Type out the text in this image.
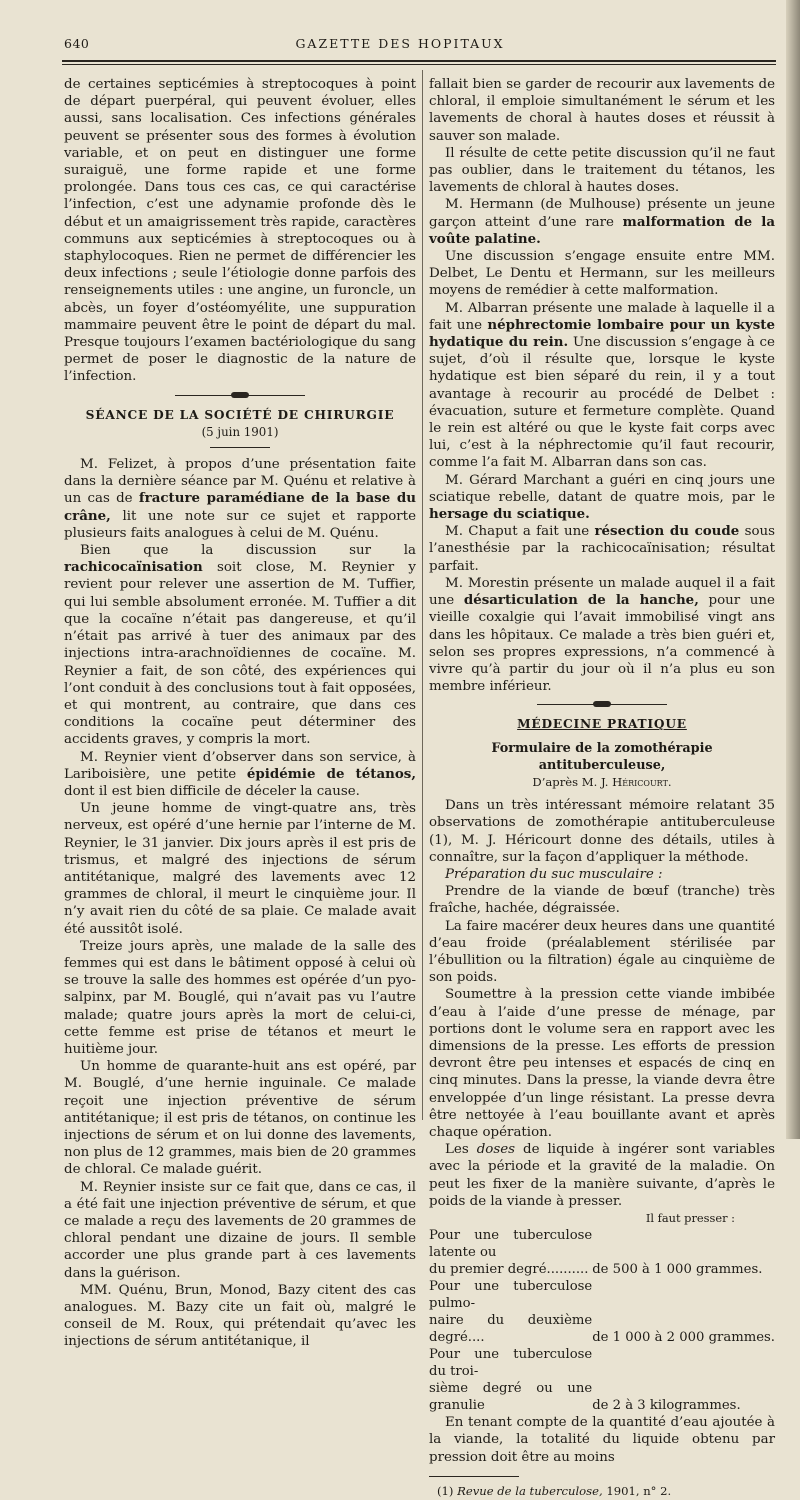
640	GAZETTE DES HOPITAUX

de certaines septicémies à streptocoques à point de départ puerpéral, qui peuvent évoluer, elles aussi, sans localisation. Ces infections générales peuvent se présenter sous des formes à évolution variable, et on peut en distinguer une forme suraiguë, une forme rapide et une forme prolongée. Dans tous ces cas, ce qui caractérise l’infection, c’est une adynamie profonde dès le début et un amaigrissement très rapide, caractères communs aux septicémies à streptocoques ou à staphylocoques. Rien ne permet de différencier les deux infections ; seule l’étiologie donne parfois des renseignements utiles : une angine, un furoncle, un abcès, un foyer d’ostéomyélite, une suppuration mammaire peuvent être le point de départ du mal. Presque toujours l’examen bactériologique du sang permet de poser le diagnostic de la nature de l’infection.

SÉANCE DE LA SOCIÉTÉ DE CHIRURGIE

(5 juin 1901)

M. Felizet, à propos d’une présentation faite dans la dernière séance par M. Quénu et relative à un cas de fracture paramédiane de la base du crâne, lit une note sur ce sujet et rapporte plusieurs faits analogues à celui de M. Quénu.

Bien que la discussion sur la rachicocaïnisation soit close, M. Reynier y revient pour relever une assertion de M. Tuffier, qui lui semble absolument erronée. M. Tuffier a dit que la cocaïne n’était pas dangereuse, et qu’il n’était pas arrivé à tuer des animaux par des injections intra-arachnoïdiennes de cocaïne. M. Reynier a fait, de son côté, des expériences qui l’ont conduit à des conclusions tout à fait opposées, et qui montrent, au contraire, que dans ces conditions la cocaïne peut déterminer des accidents graves, y compris la mort.

M. Reynier vient d’observer dans son service, à Lariboisière, une petite épidémie de tétanos, dont il est bien difficile de déceler la cause.

Un jeune homme de vingt-quatre ans, très nerveux, est opéré d’une hernie par l’interne de M. Reynier, le 31 janvier. Dix jours après il est pris de trismus, et malgré des injections de sérum antitétanique, malgré des lavements avec 12 grammes de chloral, il meurt le cinquième jour. Il n’y avait rien du côté de sa plaie. Ce malade avait été aussitôt isolé.

Treize jours après, une malade de la salle des femmes qui est dans le bâtiment opposé à celui où se trouve la salle des hommes est opérée d’un pyo-salpinx, par M. Bouglé, qui n’avait pas vu l’autre malade; quatre jours après la mort de celui-ci, cette femme est prise de tétanos et meurt le huitième jour.

Un homme de quarante-huit ans est opéré, par M. Bouglé, d’une hernie inguinale. Ce malade reçoit une injection préventive de sérum antitétanique; il est pris de tétanos, on continue les injections de sérum et on lui donne des lavements, non plus de 12 grammes, mais bien de 20 grammes de chloral. Ce malade guérit.

M. Reynier insiste sur ce fait que, dans ce cas, il a été fait une injection préventive de sérum, et que ce malade a reçu des lavements de 20 grammes de chloral pendant une dizaine de jours. Il semble accorder une plus grande part à ces lavements dans la guérison.

MM. Quénu, Brun, Monod, Bazy citent des cas analogues. M. Bazy cite un fait où, malgré le conseil de M. Roux, qui prétendait qu’avec les injections de sérum antitétanique, il

fallait bien se garder de recourir aux lavements de chloral, il emploie simultanément le sérum et les lavements de choral à hautes doses et réussit à sauver son malade.

Il résulte de cette petite discussion qu’il ne faut pas oublier, dans le traitement du tétanos, les lavements de chloral à hautes doses.

M. Hermann (de Mulhouse) présente un jeune garçon atteint d’une rare malformation de la voûte palatine.

Une discussion s’engage ensuite entre MM. Delbet, Le Dentu et Hermann, sur les meilleurs moyens de remédier à cette malformation.

M. Albarran présente une malade à laquelle il a fait une néphrectomie lombaire pour un kyste hydatique du rein. Une discussion s’engage à ce sujet, d’où il résulte que, lorsque le kyste hydatique est bien séparé du rein, il y a tout avantage à recourir au procédé de Delbet : évacuation, suture et fermeture complète. Quand le rein est altéré ou que le kyste fait corps avec lui, c’est à la néphrectomie qu’il faut recourir, comme l’a fait M. Albarran dans son cas.

M. Gérard Marchant a guéri en cinq jours une sciatique rebelle, datant de quatre mois, par le hersage du sciatique.

M. Chaput a fait une résection du coude sous l’anesthésie par la rachicocaïnisation; résultat parfait.

M. Morestin présente un malade auquel il a fait une désarticulation de la hanche, pour une vieille coxalgie qui l’avait immobilisé vingt ans dans les hôpitaux. Ce malade a très bien guéri et, selon ses propres expressions, n’a commencé à vivre qu’à partir du jour où il n’a plus eu son membre inférieur.

MÉDECINE PRATIQUE

Formulaire de la zomothérapie antituberculeuse,

D’après M. J. Héricourt.

Dans un très intéressant mémoire relatant 35 observations de zomothérapie antituberculeuse (1), M. J. Héricourt donne des détails, utiles à connaître, sur la façon d’appliquer la méthode.

Préparation du suc musculaire :

Prendre de la viande de bœuf (tranche) très fraîche, hachée, dégraissée.

La faire macérer deux heures dans une quantité d’eau froide (préalablement stérilisée par l’ébullition ou la filtration) égale au cinquième de son poids.

Soumettre à la pression cette viande imbibée d’eau à l’aide d’une presse de ménage, par portions dont le volume sera en rapport avec les dimensions de la presse. Les efforts de pression devront être peu intenses et espacés de cinq en cinq minutes. Dans la presse, la viande devra être enveloppée d’un linge résistant. La presse devra être nettoyée à l’eau bouillante avant et après chaque opération.

Les doses de liquide à ingérer sont variables avec la période et la gravité de la maladie. On peut les fixer de la manière suivante, d’après le poids de la viande à presser.

Il faut presser :

Pour une tuberculose latente ou
du premier degré..........	de 500 à 1 000 grammes.
Pour une tuberculose pulmo-
naire du deuxième degré....	de 1 000 à 2 000 grammes.
Pour une tuberculose du troi-
sième degré ou une granulie	de 2 à 3 kilogrammes.

En tenant compte de la quantité d’eau ajoutée à la viande, la totalité du liquide obtenu par pression doit être au moins

(1) Revue de la tuberculose, 1901, n° 2.
